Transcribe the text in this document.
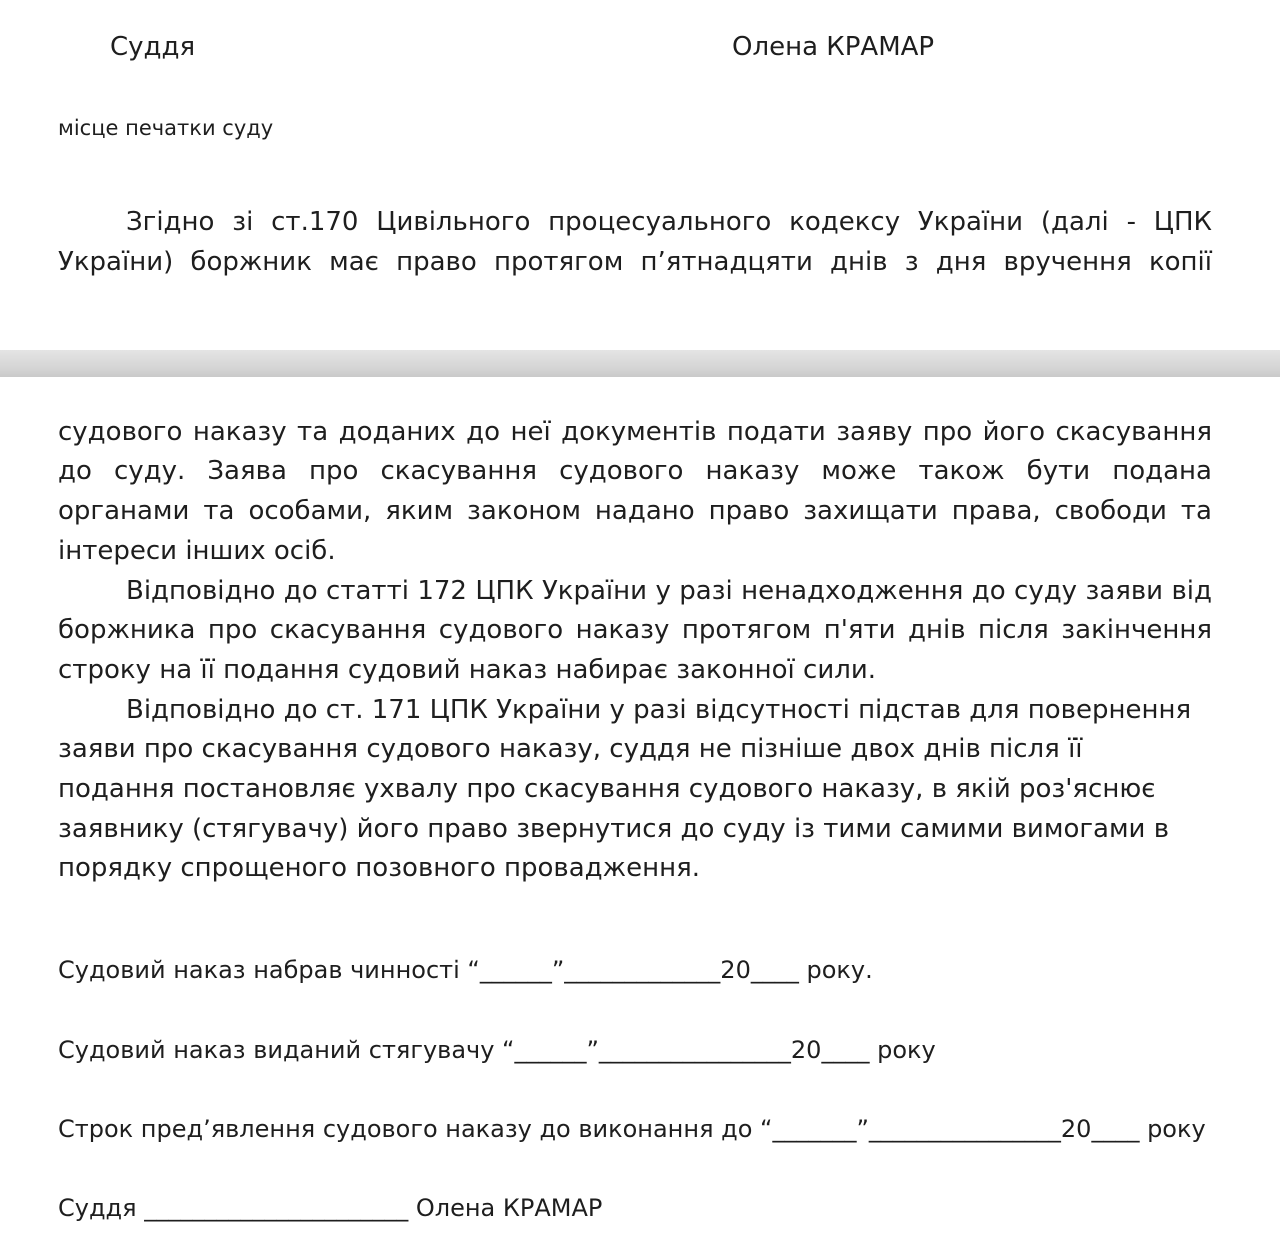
Суддя	Олена КРАМАР
місце печатки суду
Згідно зі ст.170 Цивільного процесуального кодексу України (далі - ЦПК
України) боржник має право протягом п’ятнадцяти днів з дня вручення копії
судового наказу та доданих до неї документів подати заяву про його скасування
до суду. Заява про скасування судового наказу може також бути подана
органами та особами, яким законом надано право захищати права, свободи та
інтереси інших осіб.
Відповідно до статті 172 ЦПК України у разі ненадходження до суду заяви від
боржника про скасування судового наказу протягом п'яти днів після закінчення
строку на її подання судовий наказ набирає законної сили.
Відповідно до ст. 171 ЦПК України у разі відсутності підстав для повернення
заяви про скасування судового наказу, суддя не пізніше двох днів після її
подання постановляє ухвалу про скасування судового наказу, в якій роз'яснює
заявнику (стягувачу) його право звернутися до суду із тими самими вимогами в
порядку спрощеного позовного провадження.
Судовий наказ набрав чинності “______”_____________20____ року.
Судовий наказ виданий стягувачу “______”________________20____ року
Строк пред’явлення судового наказу до виконання до “_______”________________20____ року
Суддя ______________________ Олена КРАМАР
